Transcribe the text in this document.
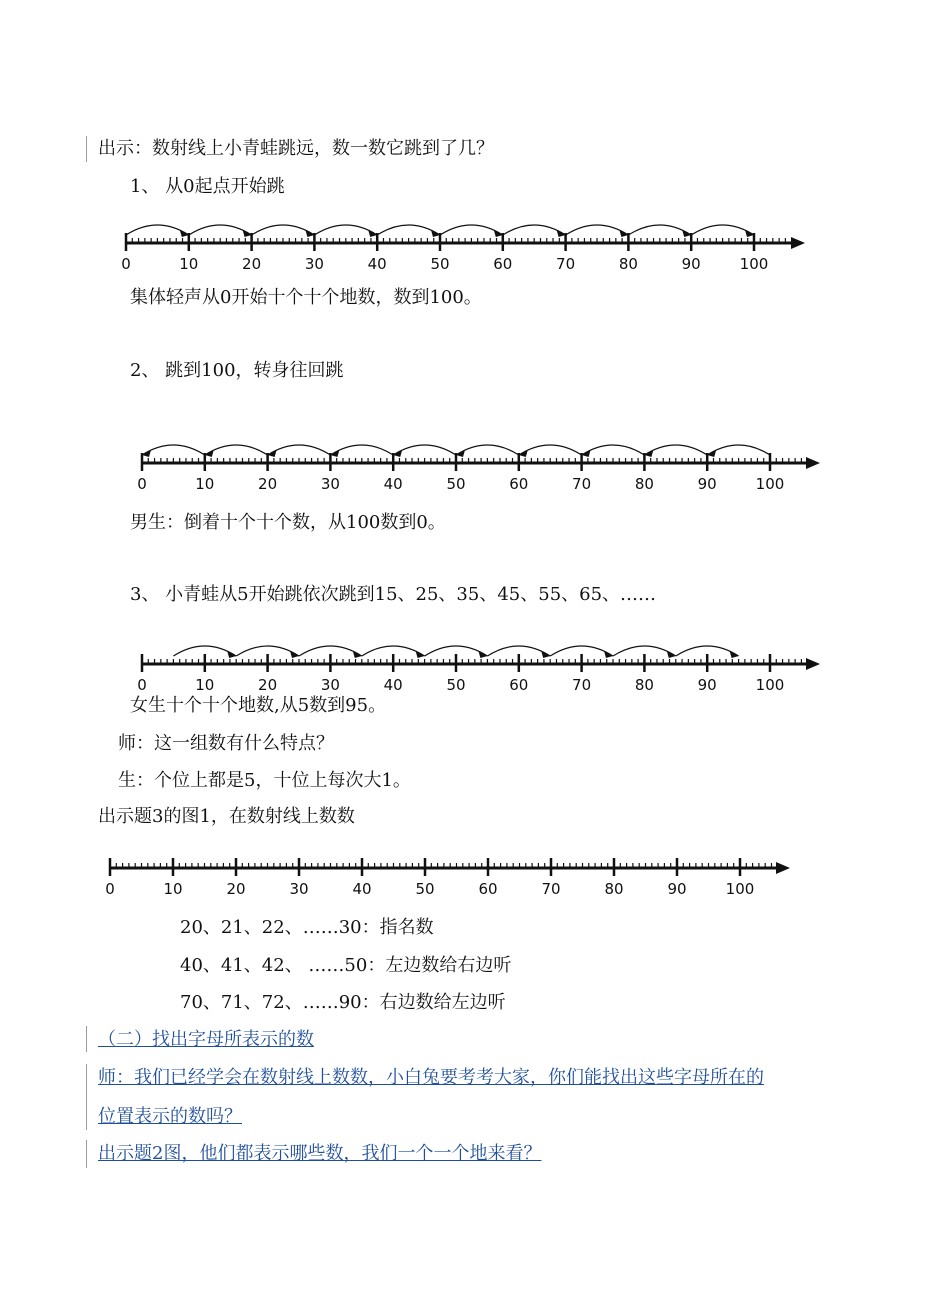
出示：数射线上小青蛙跳远，数一数它跳到了几？
1、 从0起点开始跳
0	10	20	30	40	50	60	70	80	90	100
0	10	20	30	40	50	60	70	80	90	100
0	10	20	30	40	50	60	70	80	90	100
0	10	20	30	40	50	60	70	80	90	100
集体轻声从0开始十个十个地数，数到100。
2、 跳到100，转身往回跳
男生：倒着十个十个数，从100数到0。
3、 小青蛙从5开始跳依次跳到15、25、35、45、55、65、……
女生十个十个地数,从5数到95。
师：这一组数有什么特点？
生：个位上都是5，十位上每次大1。
出示题3的图1，在数射线上数数
20、21、22、……30：指名数
40、41、42、 ……50：左边数给右边听
70、71、72、……90：右边数给左边听
（二）找出字母所表示的数
师：我们已经学会在数射线上数数，小白兔要考考大家，你们能找出这些字母所在的
位置表示的数吗？
出示题2图，他们都表示哪些数，我们一个一个地来看？
